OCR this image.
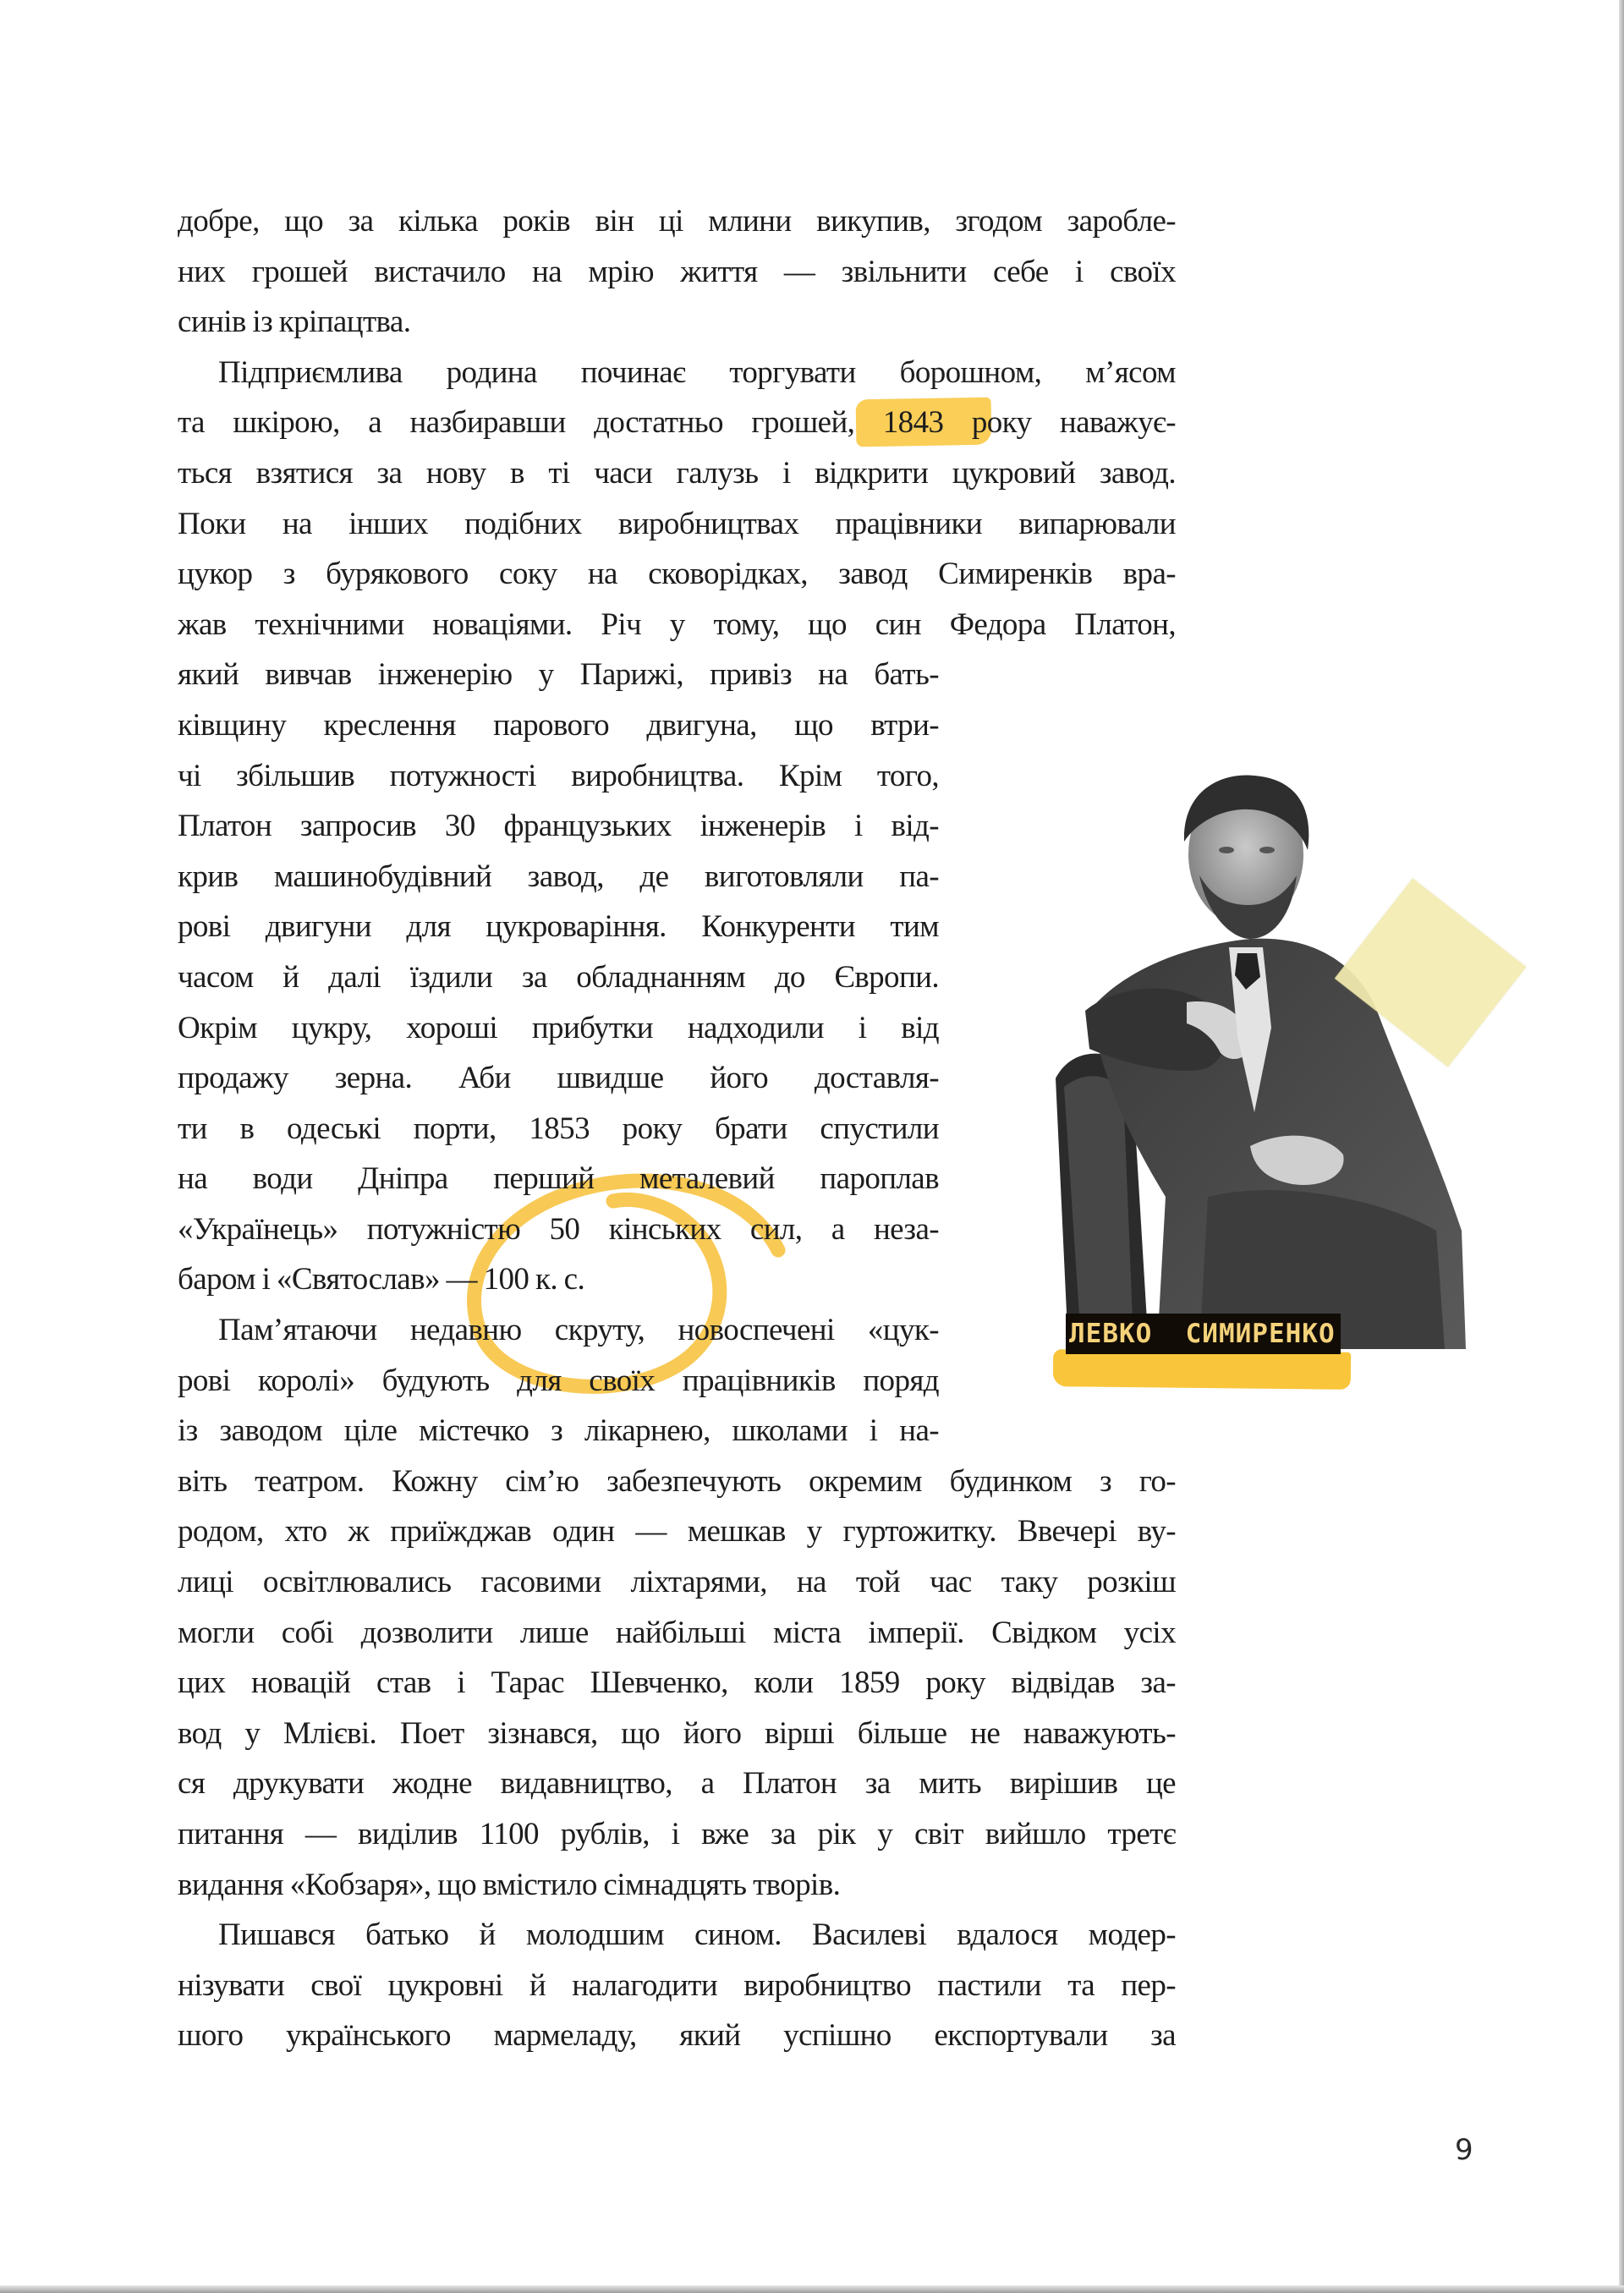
добре, що за кілька років він ці млини викупив, згодом зароблe-
них грошей вистачило на мрію життя — звільнити себе і своїх
синів із кріпацтва.
Підприємлива родина починає торгувати борошном, м’ясом
та шкірою, а назбиравши достатньо грошей, 1843 року наважує-
ться взятися за нову в ті часи галузь і відкрити цукровий завод.
Поки на інших подібних виробництвах працівники випарювали
цукор з бурякового соку на сковорідках, завод Симиренків вра-
жав технічними новаціями. Річ у тому, що син Федора Платон,
який вивчав інженерію у Парижі, привіз на бать-
ківщину креслення парового двигуна, що втри-
чі збільшив потужності виробництва. Крім того,
Платон запросив 30 французьких інженерів і від-
крив машинобудівний завод, де виготовляли па-
рові двигуни для цукроваріння. Конкуренти тим
часом й далі їздили за обладнанням до Європи.
Окрім цукру, хороші прибутки надходили і від
продажу зерна. Аби швидше його доставля-
ти в одеські порти, 1853 року брати спустили
на води Дніпра перший металевий пароплав
«Українець» потужністю 50 кінських сил, а неза-
баром і «Святослав» — 100 к. с.
Пам’ятаючи недавню скруту, новоспечені «цук-
рові королі» будують для своїх працівників поряд
із заводом ціле містечко з лікарнею, школами і на-
віть театром. Кожну сім’ю забезпечують окремим будинком з го-
родом, хто ж приїжджав один — мешкав у гуртожитку. Ввечері ву-
лиці освітлювались гасовими ліхтарями, на той час таку розкіш
могли собі дозволити лише найбільші міста імперії. Свідком усіх
цих новацій став і Тарас Шевченко, коли 1859 року відвідав за-
вод у Млієві. Поет зізнався, що його вірші більше не наважують-
ся друкувати жодне видавництво, а Платон за мить вирішив це
питання — виділив 1100 рублів, і вже за рік у світ вийшло третє
видання «Кобзаря», що вмістило сімнадцять творів.
Пишався батько й молодшим сином. Василеві вдалося модер-
нізувати свої цукровні й налагодити виробництво пастили та пер-
шого українського мармеладу, який успішно експортували за
ЛЕВКО  СИМИРЕНКО
9
